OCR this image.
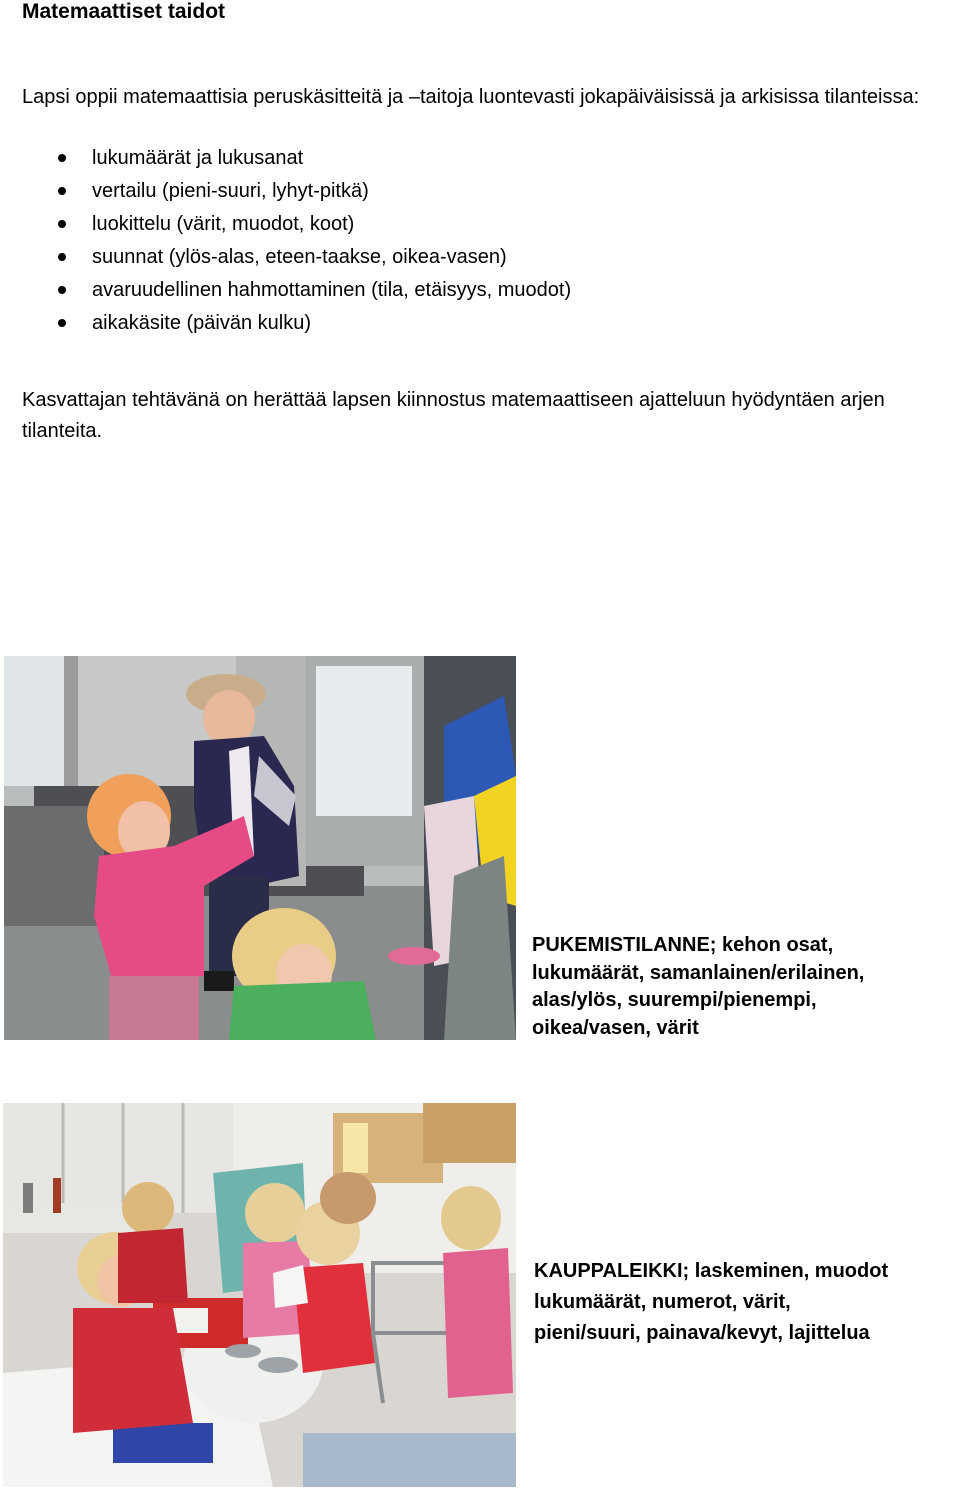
Matemaattiset taidot

Lapsi oppii matemaattisia peruskäsitteitä ja –taitoja luontevasti jokapäiväisissä ja arkisissa tilanteissa:

lukumäärät ja lukusanat
vertailu (pieni-suuri, lyhyt-pitkä)
luokittelu (värit, muodot, koot)
suunnat (ylös-alas, eteen-taakse, oikea-vasen)
avaruudellinen hahmottaminen (tila, etäisyys, muodot)
aikakäsite (päivän kulku)

Kasvattajan tehtävänä on herättää lapsen kiinnostus matemaattiseen ajatteluun hyödyntäen arjen tilanteita.

PUKEMISTILANNE; kehon osat,
lukumäärät, samanlainen/erilainen,
alas/ylös, suurempi/pienempi,
oikea/vasen, värit
KAUPPALEIKKI; laskeminen, muodot
lukumäärät, numerot, värit,
pieni/suuri, painava/kevyt, lajittelua
